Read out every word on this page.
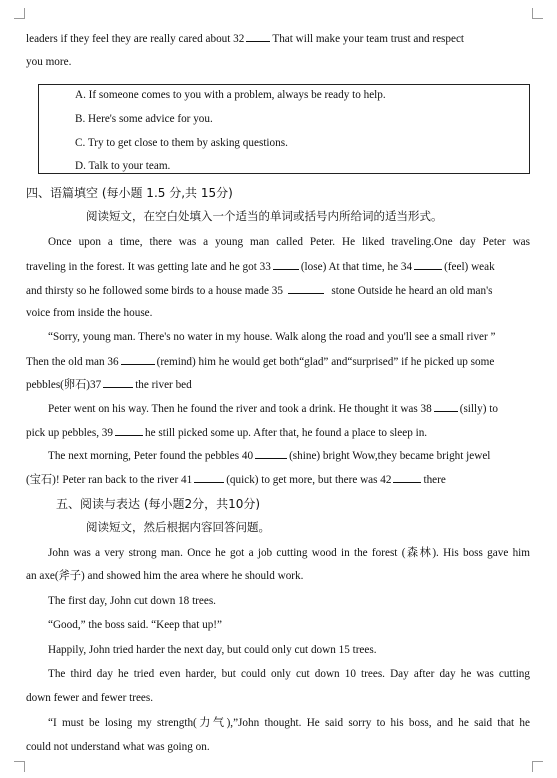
leaders if they feel they are really cared about 32	That will make your team trust and respect
you more.
A. If someone comes to you with a problem, always be ready to help.
B. Here's some advice for you.
C. Try to get close to them by asking questions.
D. Talk to your team.
四、语篇填空 (每小题 1.5 分,共 15分)
阅读短文，在空白处填入一个适当的单词或括号内所给词的适当形式。
Once upon a time, there was a young man called Peter. He liked traveling.One day Peter was
traveling in the forest. It was getting late and he got 33	(lose) At that time, he 34	(feel) weak
and thirsty so he followed some birds to a house made 35	stone Outside he heard an old man's
voice from inside the house.
“Sorry, young man. There's no water in my house. Walk along the road and you'll see a small river ”
Then the old man 36	(remind) him he would get both“glad” and“surprised” if he picked up some
pebbles(卵石)37	the river bed
Peter went on his way. Then he found the river and took a drink. He thought it was 38	(silly) to
pick up pebbles, 39	he still picked some up. After that, he found a place to sleep in.
The next morning, Peter found the pebbles 40	(shine) bright Wow,they became bright jewel
(宝石)! Peter ran back to the river 41	(quick) to get more, but there was 42	there
五、阅读与表达 (每小题2分，共10分)
阅读短文，然后根据内容回答问题。
John was a very strong man. Once he got a job cutting wood in the forest (森林). His boss gave him
an axe(斧子) and showed him the area where he should work.
The first day, John cut down 18 trees.
“Good,” the boss said. “Keep that up!”
Happily, John tried harder the next day, but could only cut down 15 trees.
The third day he tried even harder, but could only cut down 10 trees. Day after day he was cutting
down fewer and fewer trees.
“I must be losing my strength(力气),”John thought. He said sorry to his boss, and he said that he
could not understand what was going on.
